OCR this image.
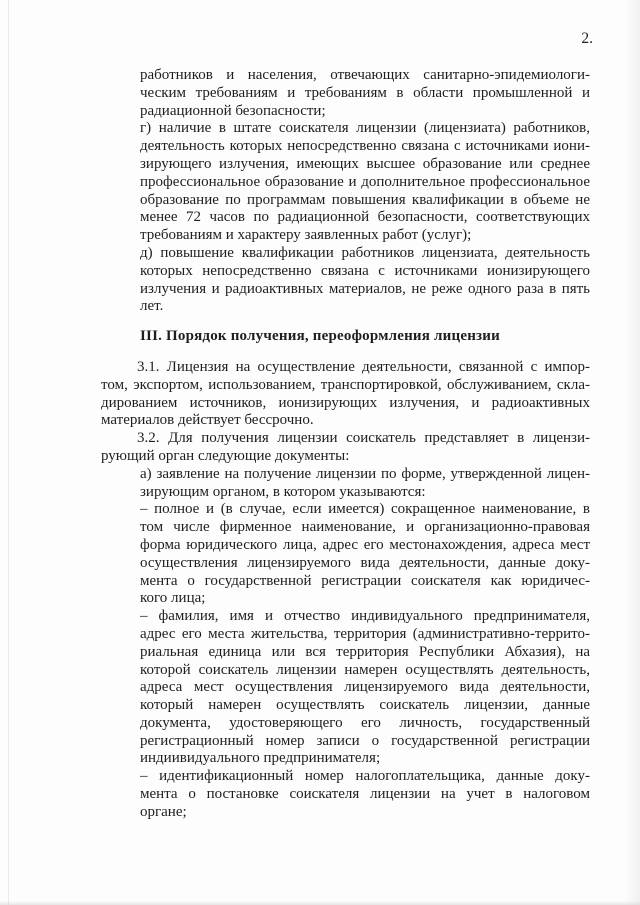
2.
работников и населения, отвечающих санитарно-эпидемиологи-
ческим требованиям и требованиям в области промышленной и
радиационной безопасности;
г) наличие в штате соискателя лицензии (лицензиата) работников,
деятельность которых непосредственно связана с источниками иони-
зирующего излучения, имеющих высшее образование или среднее
профессиональное образование и дополнительное профессиональное
образование по программам повышения квалификации в объеме не
менее 72 часов по радиационной безопасности, соответствующих
требованиям и характеру заявленных работ (услуг);
д) повышение квалификации работников лицензиата, деятельность
которых непосредственно связана с источниками ионизирующего
излучения и радиоактивных материалов, не реже одного раза в пять
лет.
III. Порядок получения, переоформления лицензии
3.1. Лицензия на осуществление деятельности, связанной с импор-
том, экспортом, использованием, транспортировкой, обслуживанием, скла-
дированием источников, ионизирующих излучения, и радиоактивных
материалов действует бессрочно.
3.2. Для получения лицензии соискатель представляет в лицензи-
рующий орган следующие документы:
а) заявление на получение лицензии по форме, утвержденной лицен-
зирующим органом, в котором указываются:
– полное и (в случае, если имеется) сокращенное наименование, в
том числе фирменное наименование, и организационно-правовая
форма юридического лица, адрес его местонахождения, адреса мест
осуществления лицензируемого вида деятельности, данные доку-
мента о государственной регистрации соискателя как юридичес-
кого лица;
– фамилия, имя и отчество индивидуального предпринимателя,
адрес его места жительства, территория (административно-террито-
риальная единица или вся территория Республики Абхазия), на
которой соискатель лицензии намерен осуществлять деятельность,
адреса мест осуществления лицензируемого вида деятельности,
который намерен осуществлять соискатель лицензии, данные
документа, удостоверяющего его личность, государственный
регистрационный номер записи о государственной регистрации
индиивидуального предпринимателя;
– идентификационный номер налогоплательщика, данные доку-
мента о постановке соискателя лицензии на учет в налоговом
органе;
